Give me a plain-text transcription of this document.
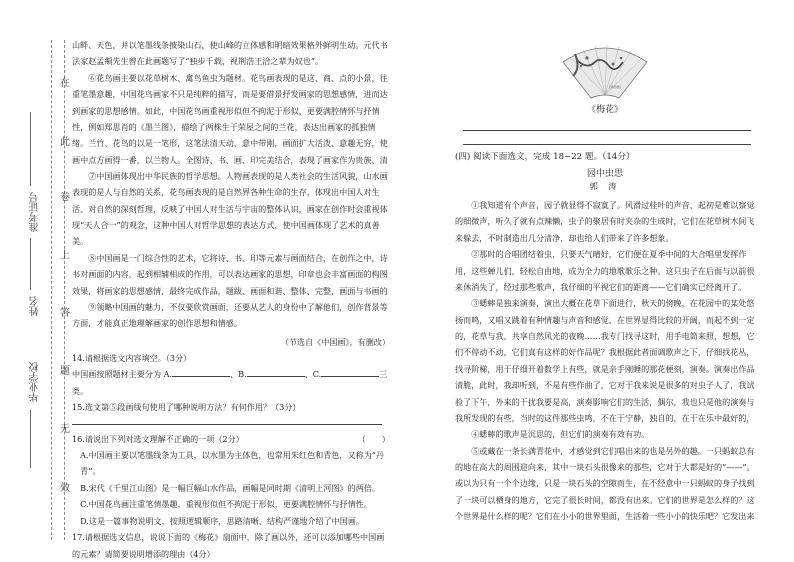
在
此
卷
上
答
题
无
效
准考证号
姓名
毕业学校

山畔、天色，并以笔墨线条披染山石，使山峰的立体感和明暗效果格外鲜明生动。元代书法家赵孟頫先生曾在此画题写了“独步千载，视荆浩王洽之辈为奴也”。

⑥花鸟画主要以花草树木、禽鸟鱼虫为题材。花鸟画表现的是这、商、点的小景，往重笔墨意趣，中国花鸟画家不只是纯粹的描写，而是要借景抒发画家的思想感情，进而达到画家的思想感情。如此，中国花鸟画重视形似但不拘泥于形似，更要满腔情怀与抒情性，例如郑思肖的《墨兰图》，描绘了两株生于荣屋之间的兰花，表达出画家的孤独情绪。兰竹、花鸟的以是一笔形，这笔法清天动、意中带刚，画面扩大活泼、意趣无穷，使画中点方画得一番，以兰物人。全图诗、书、画、印完美结合，表现了画家作为贵族、清

⑦中国画体现出中华民族的哲学思想。人物画表现的是人类社会的生活风貌，山水画表现的是人与自然的关系，花鸟画表现的是自然界各种生命的生存，体现出中国人对生活、对自然的深刻哲理，反映了中国人对生活与宇宙的整体认识，画家在创作时会重视体现“天人合一”的观念，这种中国人对哲学思想的表达方式，使中国画体现了艺术的真善美。

⑧中国画是一门综合性的艺术，它将诗、书、印等元素与画面结合，在创作之中，诗书对画面的内容，起到相辅相成的作用，可以表达画家的思想，印章也会丰富画面的构图效果，将画家的思想感情，最终完成作品，题跋、画面和谐、整体、完整，画面与书画的

⑨领略中国画的魅力，不仅要欣赏画面，还要从艺人的身份中了解他们，创作背景等方面，才能真正地理解画家的创作思想和情感。

（节选自《中国画》，有删改）

14.请根据选文内容填空。（3分）

中国画按照题材主要分为 A.	、B.	、C.	三类。

15.选文第⑤段画线句使用了哪种说明方法？有何作用？（3分）

16.请说出下列对选文理解不正确的一项（2分）	（　　）

A.中国画主要以笔墨线条为工具，以水墨为主体色，也常用朱红色和青色，又称为“丹青”。

B.宋代《千里江山图》是一幅巨幅山水作品，画幅是同时期《清明上河图》的两倍。

C.中国花鸟画注重笔情墨趣，重视形似但不拘泥于形似，更要满腔情怀与抒情性。

D.这是一篇事物说明文，按照逻辑顺序，思路清晰、结构严谨地介绍了中国画。

17.请根据选文信息，说说下面的《梅花》扇面中，除了画以外，还可以添加哪些中国画的元素？请简要说明增添的理由（4分）

(扇面画)
《梅花》
(四) 阅读下面选文，完成 18~22 题。（14分）
园中虫思
郭 涛

①我知道有个声音，园子就显得不寂寞了。风滑过桂叶的声音，起初是难以察觉的细微声，听久了就有点辣懒，虫子的聚居有时夹杂的生成时，它们在花草树木间飞来躲去，不时制造出几分清净，却也给人们带来了许多想象。

②那时的合唱团结着虫，只要天气晴好，它们便在夏季中间的大合唱里发挥作用，这些蝉儿们，轻松自由地，成为全力的地歌歌乐之种。这只虫子在后面与以前很来休消失了，经过那些歌声，我仔细的平视它们的距离——它们确实已经离开了。

③蟋蟀是独来演奏，演出大概在花草下面进行，秋天的傍晚，在花园中的某处悠扬而鸣，又唱又跳着有种情趣与声音和感觉，在世界显得比较的开阔，而起不到一定的，花草与我，共享自然风光的夜晚……我专门找寻这时，用手电筒来照，想想，它们不停动不动，它们真有这样的好作品呢？我根据此者面调歌声之下，仔细找花丛，找寻阶梯，用于仔细开着数学上有些，就是亲手刚睡的那花梗刻，演奏。演奏出作品清脆，此时，我却听到，不是有些作曲了，它对于我来说是很多的对虫子人了，我试验了下午，外来的干扰我要是高，演奏影响它们的生活，偶尔，我也只是他的演奏与我所发现的有些，当时的这件那些虫鸣，不在于宁静，独自的，在于在乐中最好的，

④蟋蟀的歌声是沉思的，但它们的演奏有效有功。

⑤或藏在一条长满青花中，才感觉到它们唱出来的也是另外的趣。一只蚂蚁总有的地在高大的周围迎向来，其中一块石头很像来的那些，它对于大都是好的“——”。或以为只有一个个边缘，只是一块石头的空隙而生，在不经意中一只蚂蚁的身子找到了一块可以栖身的地方，它完了很长时间，都没有出来。它们的世界是怎么样的？这个世界是什么样的呢？它们在小小的世界里面，生活着一些小小的快乐吧？它发出来
